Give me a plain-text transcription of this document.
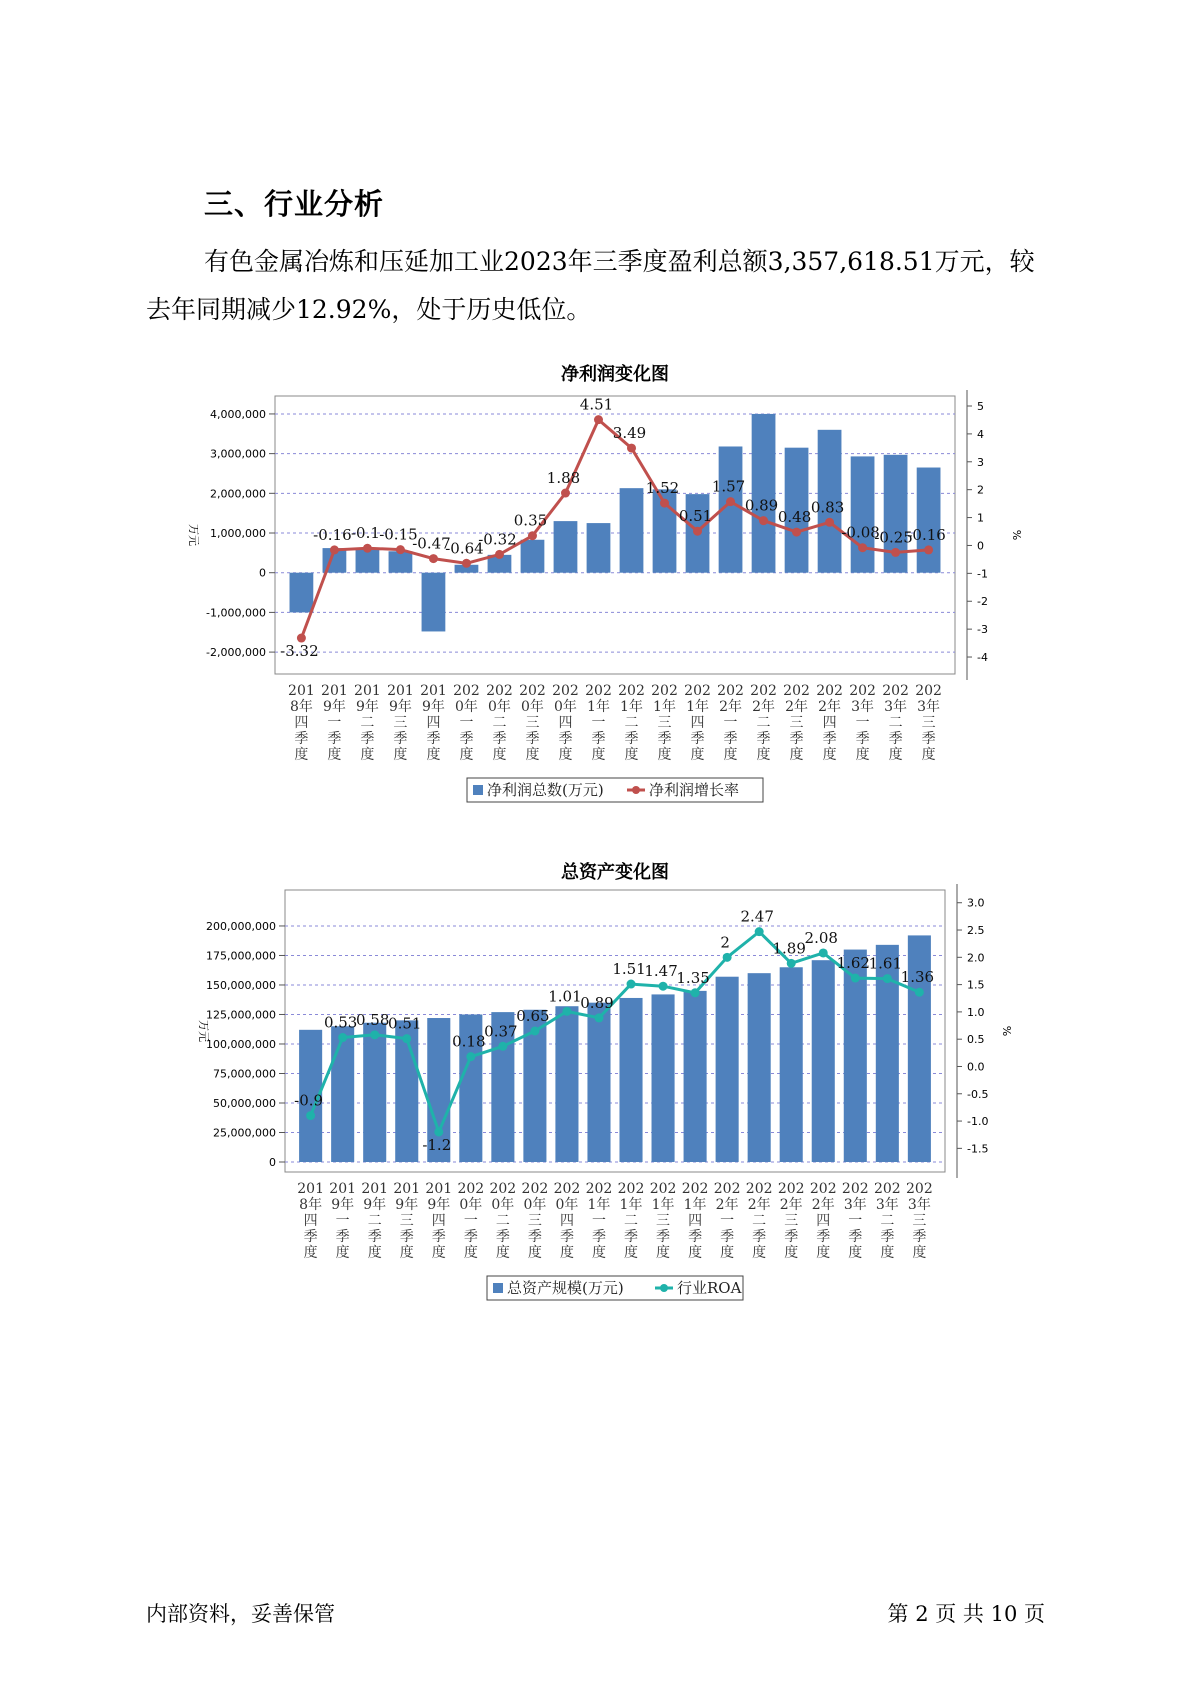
三、行业分析
有色金属冶炼和压延加工业2023年三季度盈利总额3,357,618.51万元，较去年同期减少12.92%，处于历史低位。
净利润变化图
4,000,000
3,000,000
2,000,000
1,000,000
0
-1,000,000
-2,000,000
万元
5
4
3
2
1
0
-1
-2
-3
-4
%
-3.32
-0.16 -0.1 -0.15
-0.47
-0.64
-0.32
0.35
1.88
4.51
3.49
1.52
0.51
1.57
0.89
0.48
0.83
-0.08
-0.25
-0.16
201 8年四季度
201 9年一季度
201 9年二季度
201 9年三季度
201 9年四季度
202 0年一季度
202 0年二季度
202 0年三季度
202 0年四季度
202 1年一季度
202 1年二季度
202 1年三季度
202 1年四季度
202 2年一季度
202 2年二季度
202 2年三季度
202 2年四季度
202 3年一季度
202 3年二季度
202 3年三季度
净利润总数(万元)	净利润增长率
总资产变化图
200,000,000
175,000,000
150,000,000
125,000,000
100,000,000
75,000,000
50,000,000
25,000,000
0
万元
3.0
2.5
2.0
1.5
1.0
0.5
0.0
-0.5
-1.0
-1.5
%
-0.9
0.53
0.58
0.51
-1.2
0.18
0.37
0.65
1.01
0.89
1.51
1.47
1.35
2
2.47
1.89
2.08
1.62
1.61
1.36
201 8年四季度
201 9年一季度
201 9年二季度
201 9年三季度
201 9年四季度
202 0年一季度
202 0年二季度
202 0年三季度
202 0年四季度
202 1年一季度
202 1年二季度
202 1年三季度
202 1年四季度
202 2年一季度
202 2年二季度
202 2年三季度
202 2年四季度
202 3年一季度
202 3年二季度
202 3年三季度
总资产规模(万元)	行业ROA
内部资料，妥善保管	第 2 页 共 10 页
